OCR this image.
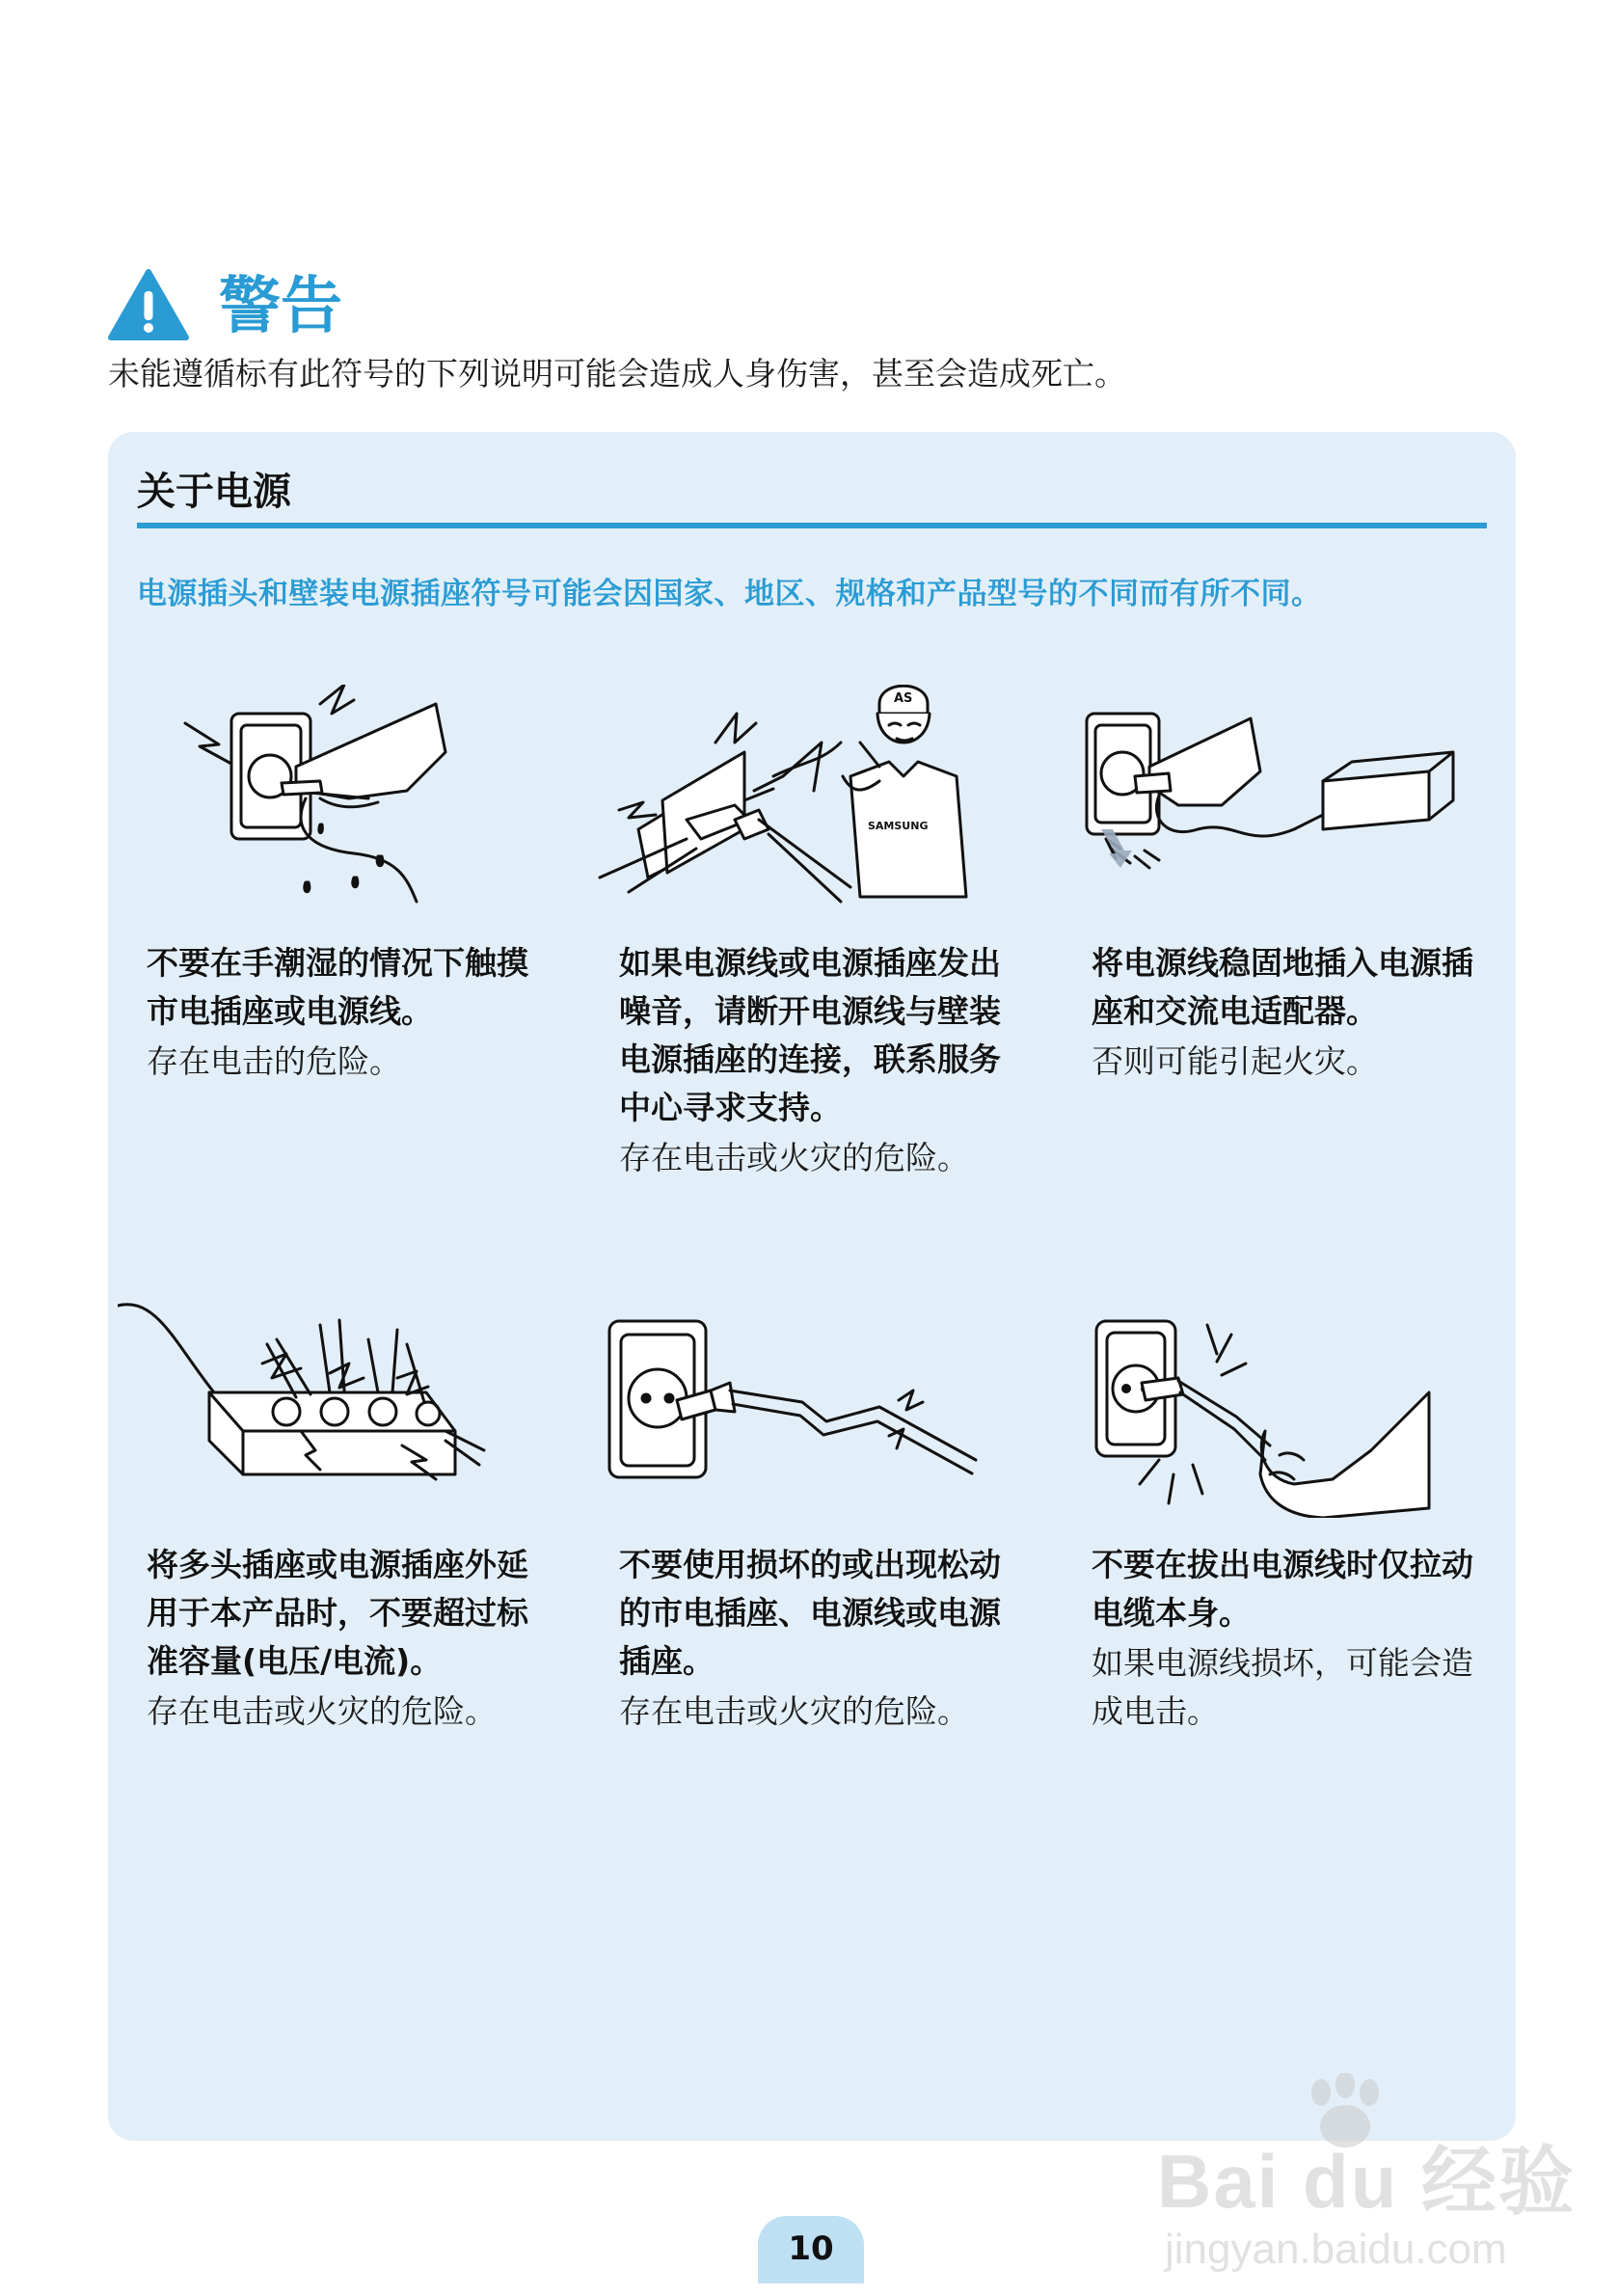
警告
未能遵循标有此符号的下列说明可能会造成人身伤害，甚至会造成死亡。
关于电源
电源插头和壁装电源插座符号可能会因国家、地区、规格和产品型号的不同而有所不同。
不要在手潮湿的情况下触摸市电插座或电源线。
存在电击的危险。
AS
SAMSUNG
如果电源线或电源插座发出噪音，请断开电源线与壁装电源插座的连接，联系服务中心寻求支持。
存在电击或火灾的危险。
将电源线稳固地插入电源插座和交流电适配器。
否则可能引起火灾。
将多头插座或电源插座外延用于本产品时，不要超过标准容量(电压/电流)。
存在电击或火灾的危险。
不要使用损坏的或出现松动的市电插座、电源线或电源插座。
存在电击或火灾的危险。
不要在拔出电源线时仅拉动电缆本身。
如果电源线损坏，可能会造成电击。
10
Bai du 经验
jingyan.baidu.com
